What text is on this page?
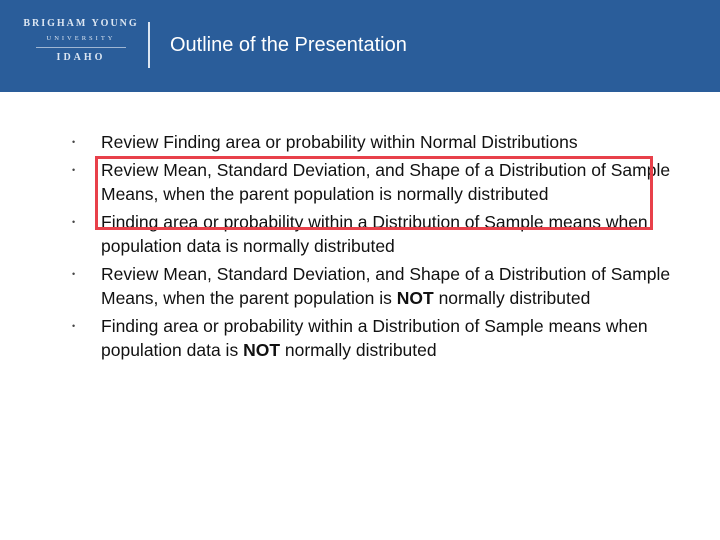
BRIGHAM YOUNG
UNIVERSITY
IDAHO
Outline of the Presentation
• Review Finding area or probability within Normal Distributions
• Review Mean, Standard Deviation, and Shape of a Distribution of Sample Means, when the parent population is normally distributed
• Finding area or probability within a Distribution of Sample means when population data is normally distributed
• Review Mean, Standard Deviation, and Shape of a Distribution of Sample Means, when the parent population is NOT normally distributed
• Finding area or probability within a Distribution of Sample means when population data is NOT normally distributed
